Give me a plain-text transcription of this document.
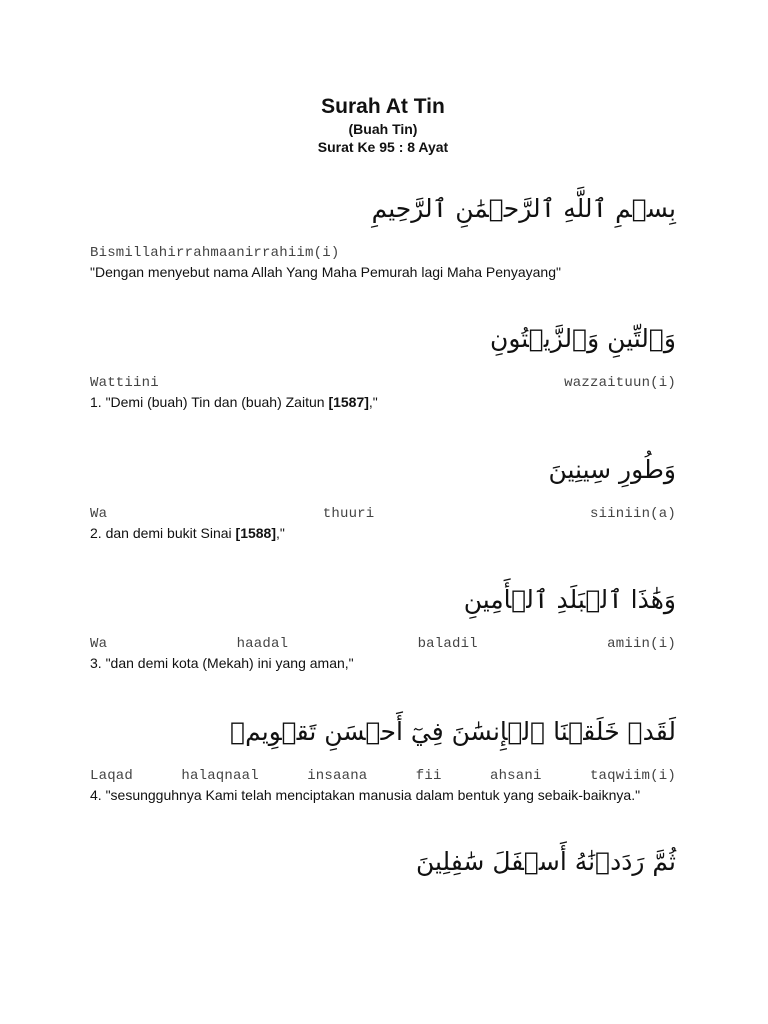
Surah At Tin
(Buah Tin)
Surat Ke 95 : 8 Ayat
بِسۡمِ ٱللَّهِ ٱلرَّحۡمَٰنِ ٱلرَّحِيمِ
Bismillahirrahmaanirrahiim(i)
"Dengan menyebut nama Allah Yang Maha Pemurah lagi Maha Penyayang"
وَٱلتِّينِ وَٱلزَّيۡتُونِ
Wattiini	wazzaituun(i)
1. "Demi (buah) Tin dan (buah) Zaitun [1587],"
وَطُورِ سِينِينَ
Wa	thuuri	siiniin(a)
2. dan demi bukit Sinai [1588],"
وَهَٰذَا ٱلۡبَلَدِ ٱلۡأَمِينِ
Wa	haadal	baladil	amiin(i)
3. "dan demi kota (Mekah) ini yang aman,"
لَقَدۡ خَلَقۡنَا ٱلۡإِنسَٰنَ فِيٓ أَحۡسَنِ تَقۡوِيمٖ
Laqad	halaqnaal	insaana	fii	ahsani	taqwiim(i)
4. "sesungguhnya Kami telah menciptakan manusia dalam bentuk yang sebaik-baiknya."
ثُمَّ رَدَدۡنَٰهُ أَسۡفَلَ سَٰفِلِينَ
